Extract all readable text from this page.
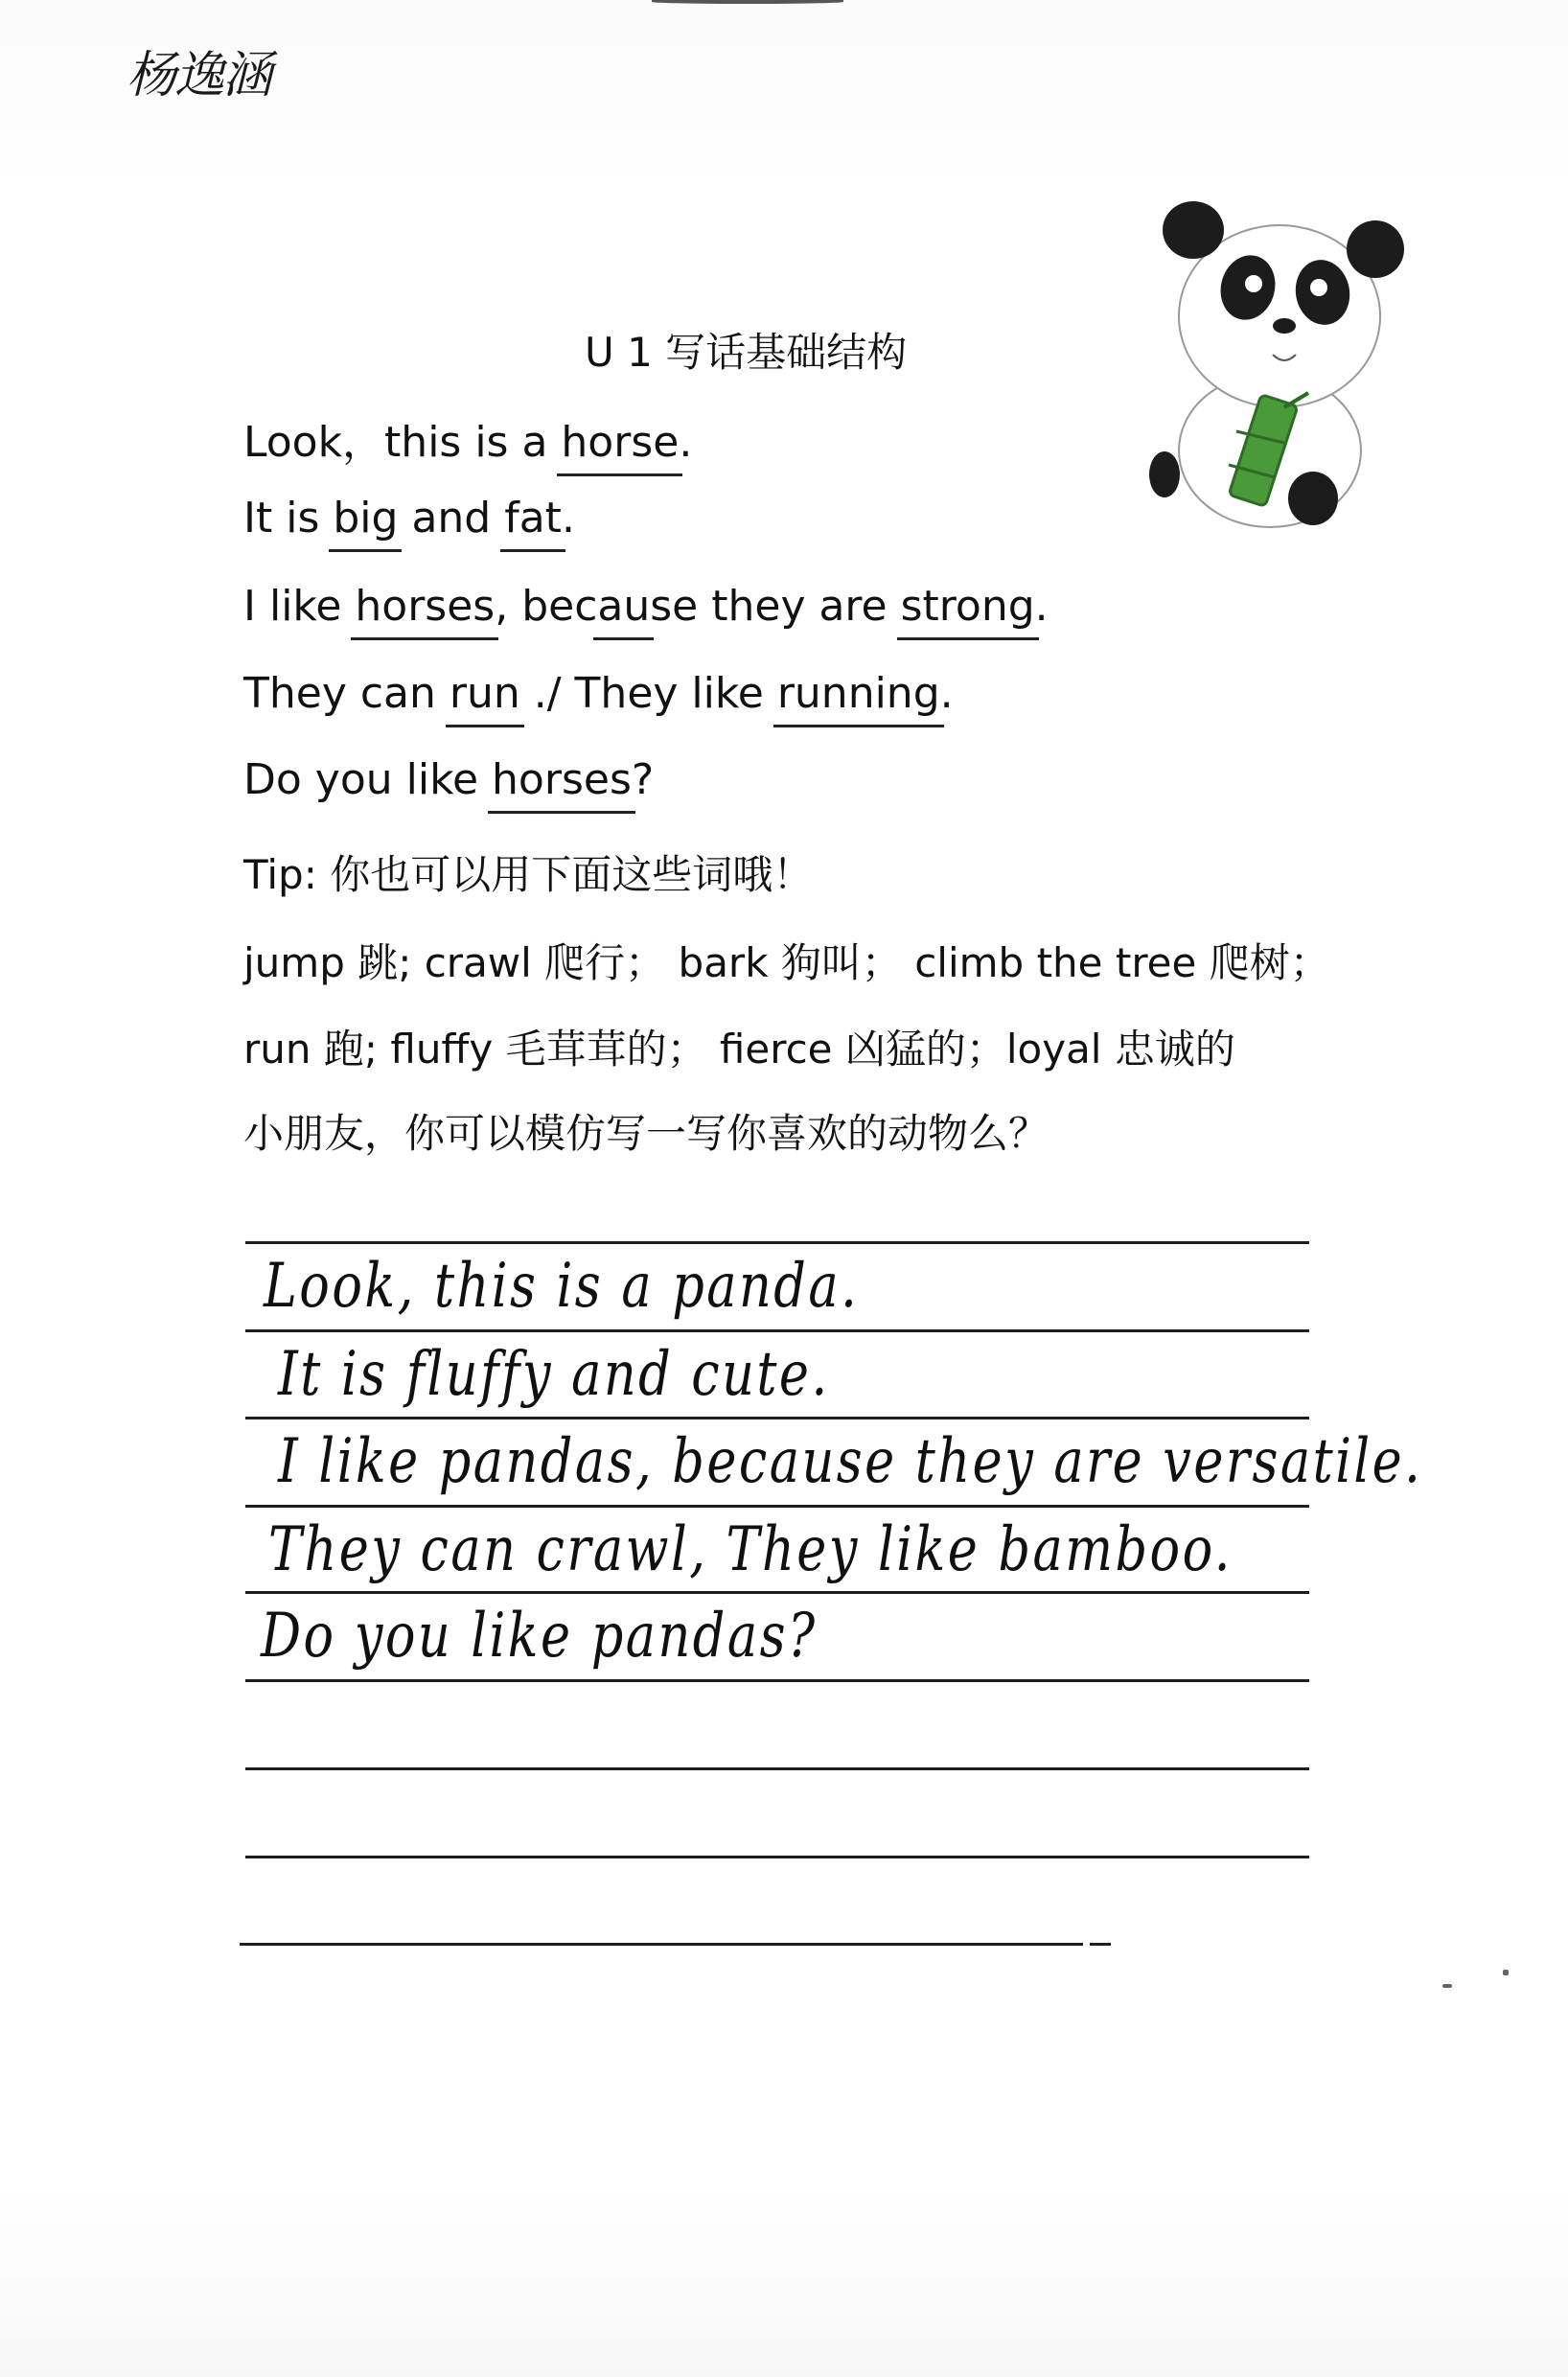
杨逸涵
U 1 写话基础结构
Look，this is a horse.
It is big and fat.
I like horses, because they are strong.
They can run ./ They like running.
Do you like horses?
Tip: 你也可以用下面这些词哦！
jump 跳; crawl 爬行； bark 狗叫； climb the tree 爬树；
run 跑; fluffy 毛茸茸的； fierce 凶猛的；loyal 忠诚的
小朋友，你可以模仿写一写你喜欢的动物么？
Look, this is a panda.
It is fluffy and cute.
I like pandas, because they are versatile.
They can crawl, They like bamboo.
Do you like pandas?
